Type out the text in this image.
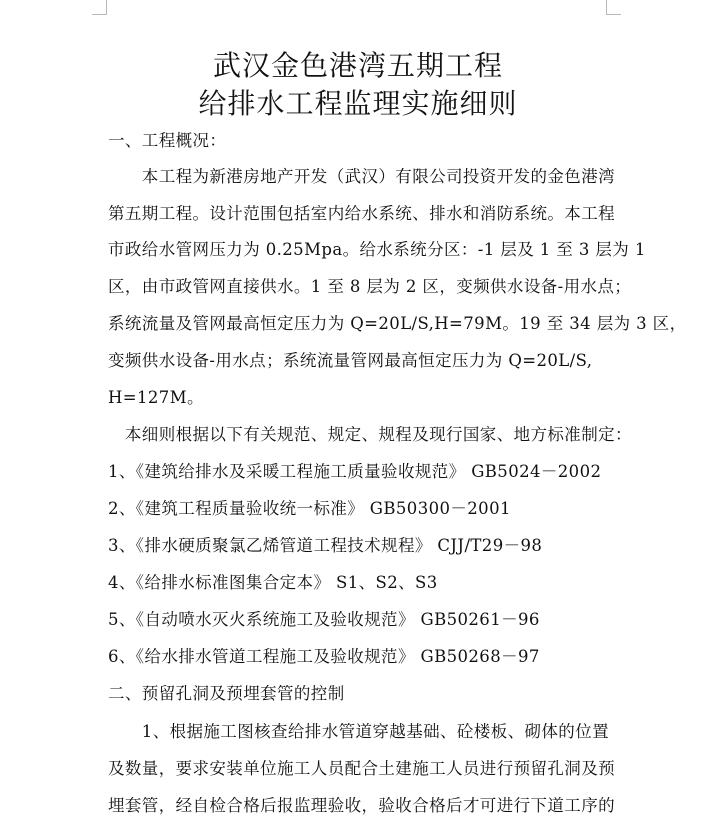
武汉金色港湾五期工程
给排水工程监理实施细则
一、工程概况：
　　本工程为新港房地产开发（武汉）有限公司投资开发的金色港湾
第五期工程。设计范围包括室内给水系统、排水和消防系统。本工程
市政给水管网压力为 0.25Mpa。给水系统分区：-1 层及 1 至 3 层为 1
区，由市政管网直接供水。1 至 8 层为 2 区，变频供水设备-用水点；
系统流量及管网最高恒定压力为 Q=20L/S,H=79M。19 至 34 层为 3 区，
变频供水设备-用水点；系统流量管网最高恒定压力为 Q=20L/S,
H=127M。
　本细则根据以下有关规范、规定、规程及现行国家、地方标准制定：
1、《建筑给排水及采暖工程施工质量验收规范》 GB5024－2002
2、《建筑工程质量验收统一标准》 GB50300－2001
3、《排水硬质聚氯乙烯管道工程技术规程》 CJJ/T29－98
4、《给排水标准图集合定本》 S1、S2、S3
5、《自动喷水灭火系统施工及验收规范》 GB50261－96
6、《给水排水管道工程施工及验收规范》 GB50268－97
二、预留孔洞及预埋套管的控制
　　1、根据施工图核查给排水管道穿越基础、砼楼板、砌体的位置
及数量，要求安装单位施工人员配合土建施工人员进行预留孔洞及预
埋套管，经自检合格后报监理验收，验收合格后才可进行下道工序的
